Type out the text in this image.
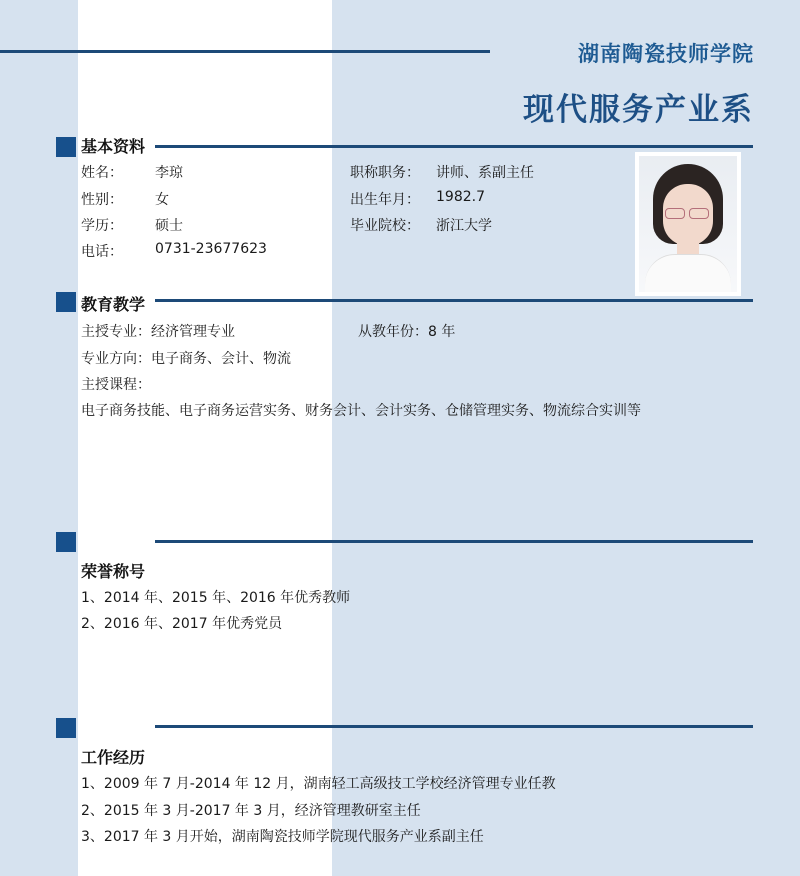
湖南陶瓷技师学院
现代服务产业系
基本资料
姓名： 李琼
性别： 女
学历： 硕士
电话： 0731-23677623
职称职务： 讲师、系副主任
出生年月： 1982.7
毕业院校： 浙江大学
教育教学
主授专业：经济管理专业	从教年份：8 年
专业方向：电子商务、会计、物流
主授课程：
电子商务技能、电子商务运营实务、财务会计、会计实务、仓储管理实务、物流综合实训等
荣誉称号
1、2014 年、2015 年、2016 年优秀教师
2、2016 年、2017 年优秀党员
工作经历
1、2009 年 7 月-2014 年 12 月，湖南轻工高级技工学校经济管理专业任教
2、2015 年 3 月-2017 年 3 月，经济管理教研室主任
3、2017 年 3 月开始，湖南陶瓷技师学院现代服务产业系副主任
